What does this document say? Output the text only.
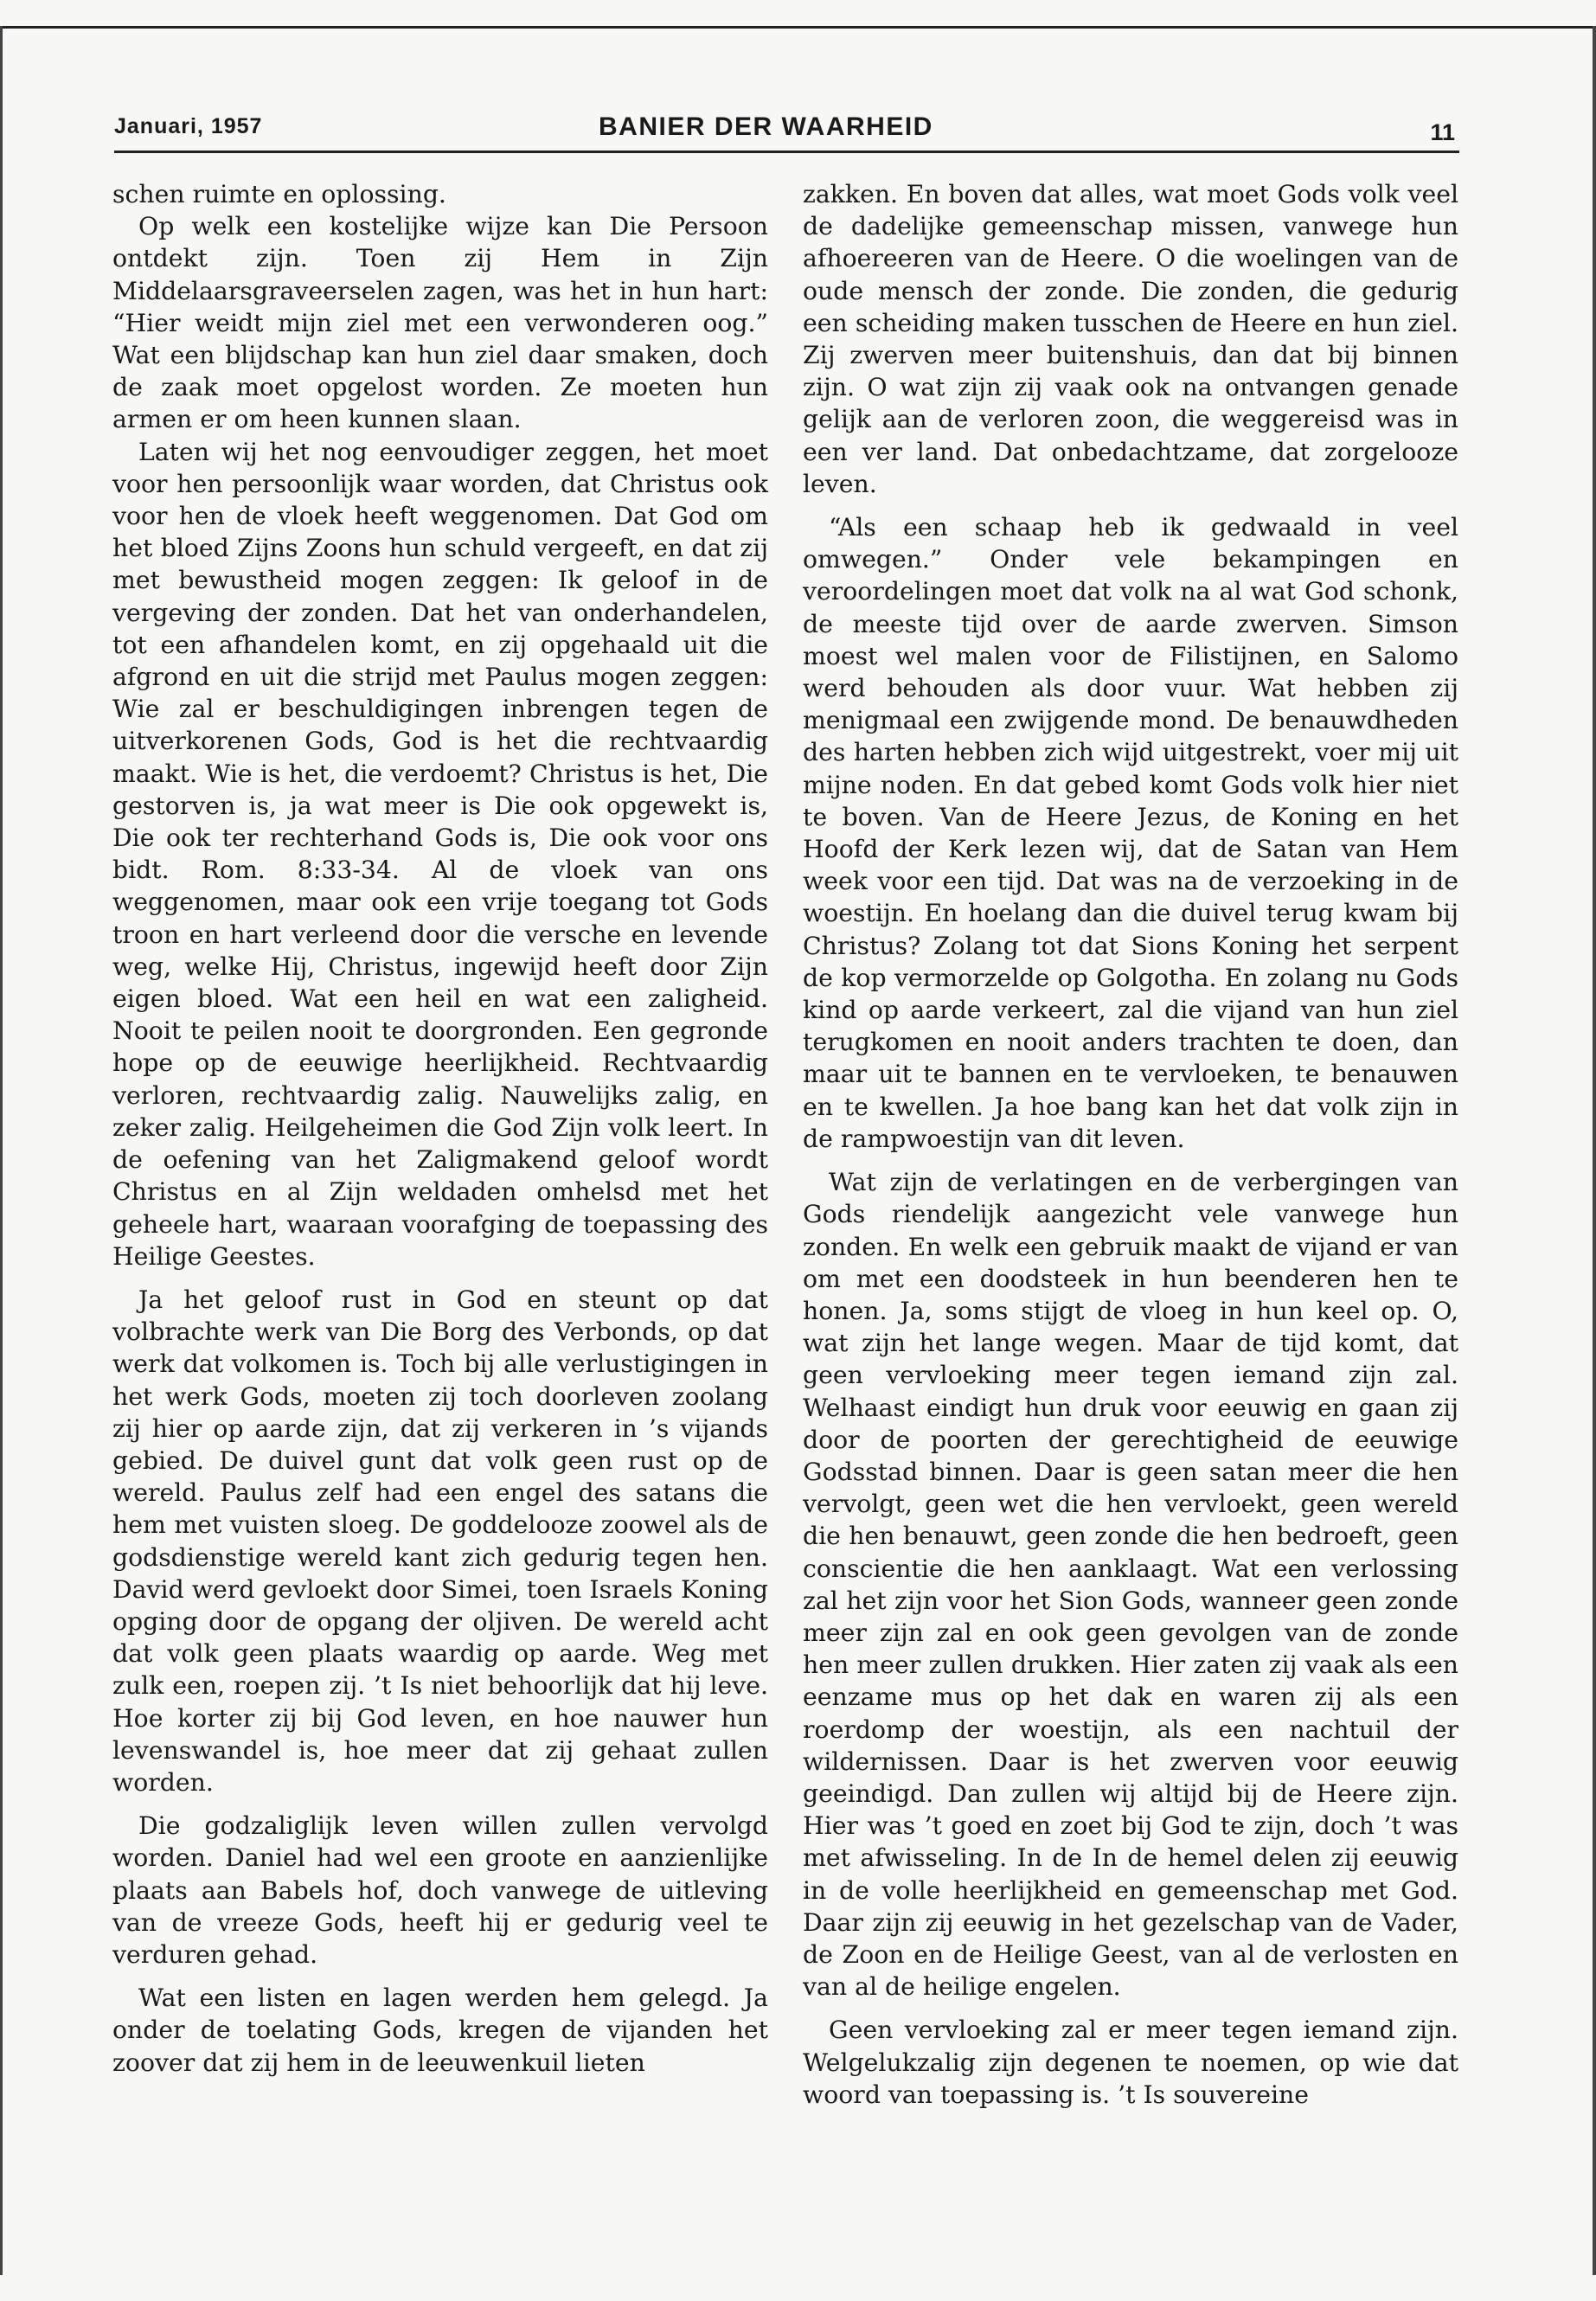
Januari, 1957	BANIER DER WAARHEID	11

schen ruimte en oplossing.

Op welk een kostelijke wijze kan Die Persoon ontdekt zijn. Toen zij Hem in Zijn Middelaarsgraveerselen zagen, was het in hun hart: “Hier weidt mijn ziel met een verwonderen oog.” Wat een blijdschap kan hun ziel daar smaken, doch de zaak moet opgelost worden. Ze moeten hun armen er om heen kunnen slaan.

Laten wij het nog eenvoudiger zeggen, het moet voor hen persoonlijk waar worden, dat Christus ook voor hen de vloek heeft weggenomen. Dat God om het bloed Zijns Zoons hun schuld vergeeft, en dat zij met bewustheid mogen zeggen: Ik geloof in de vergeving der zonden. Dat het van onderhandelen, tot een afhandelen komt, en zij opgehaald uit die afgrond en uit die strijd met Paulus mogen zeggen: Wie zal er beschuldigingen inbrengen tegen de uitverkorenen Gods, God is het die rechtvaardig maakt. Wie is het, die verdoemt? Christus is het, Die gestorven is, ja wat meer is Die ook opgewekt is, Die ook ter rechterhand Gods is, Die ook voor ons bidt. Rom. 8:33-34. Al de vloek van ons weggenomen, maar ook een vrije toegang tot Gods troon en hart verleend door die versche en levende weg, welke Hij, Christus, ingewijd heeft door Zijn eigen bloed. Wat een heil en wat een zaligheid. Nooit te peilen nooit te doorgronden. Een gegronde hope op de eeuwige heerlijkheid. Rechtvaardig verloren, rechtvaardig zalig. Nauwelijks zalig, en zeker zalig. Heilgeheimen die God Zijn volk leert. In de oefening van het Zaligmakend geloof wordt Christus en al Zijn weldaden omhelsd met het geheele hart, waaraan voorafging de toepassing des Heilige Geestes.

Ja het geloof rust in God en steunt op dat volbrachte werk van Die Borg des Verbonds, op dat werk dat volkomen is. Toch bij alle verlustigingen in het werk Gods, moeten zij toch doorleven zoolang zij hier op aarde zijn, dat zij verkeren in ’s vijands gebied. De duivel gunt dat volk geen rust op de wereld. Paulus zelf had een engel des satans die hem met vuisten sloeg. De goddelooze zoowel als de godsdienstige wereld kant zich gedurig tegen hen. David werd gevloekt door Simei, toen Israels Koning opging door de opgang der oljiven. De wereld acht dat volk geen plaats waardig op aarde. Weg met zulk een, roepen zij. ’t Is niet behoorlijk dat hij leve. Hoe korter zij bij God leven, en hoe nauwer hun levenswandel is, hoe meer dat zij gehaat zullen worden.

Die godzaliglijk leven willen zullen vervolgd worden. Daniel had wel een groote en aanzienlijke plaats aan Babels hof, doch vanwege de uitleving van de vreeze Gods, heeft hij er gedurig veel te verduren gehad.

Wat een listen en lagen werden hem gelegd. Ja onder de toelating Gods, kregen de vijanden het zoover dat zij hem in de leeuwenkuil lieten

zakken. En boven dat alles, wat moet Gods volk veel de dadelijke gemeenschap missen, vanwege hun afhoereeren van de Heere. O die woelingen van de oude mensch der zonde. Die zonden, die gedurig een scheiding maken tusschen de Heere en hun ziel. Zij zwerven meer buitenshuis, dan dat bij binnen zijn. O wat zijn zij vaak ook na ontvangen genade gelijk aan de verloren zoon, die weggereisd was in een ver land. Dat onbedachtzame, dat zorgelooze leven.

“Als een schaap heb ik gedwaald in veel omwegen.” Onder vele bekampingen en veroordelingen moet dat volk na al wat God schonk, de meeste tijd over de aarde zwerven. Simson moest wel malen voor de Filistijnen, en Salomo werd behouden als door vuur. Wat hebben zij menigmaal een zwijgende mond. De benauwdheden des harten hebben zich wijd uitgestrekt, voer mij uit mijne noden. En dat gebed komt Gods volk hier niet te boven. Van de Heere Jezus, de Koning en het Hoofd der Kerk lezen wij, dat de Satan van Hem week voor een tijd. Dat was na de verzoeking in de woestijn. En hoelang dan die duivel terug kwam bij Christus? Zolang tot dat Sions Koning het serpent de kop vermorzelde op Golgotha. En zolang nu Gods kind op aarde verkeert, zal die vijand van hun ziel terugkomen en nooit anders trachten te doen, dan maar uit te bannen en te vervloeken, te benauwen en te kwellen. Ja hoe bang kan het dat volk zijn in de rampwoestijn van dit leven.

Wat zijn de verlatingen en de verbergingen van Gods riendelijk aangezicht vele vanwege hun zonden. En welk een gebruik maakt de vijand er van om met een doodsteek in hun beenderen hen te honen. Ja, soms stijgt de vloeg in hun keel op. O, wat zijn het lange wegen. Maar de tijd komt, dat geen vervloeking meer tegen iemand zijn zal. Welhaast eindigt hun druk voor eeuwig en gaan zij door de poorten der gerechtigheid de eeuwige Godsstad binnen. Daar is geen satan meer die hen vervolgt, geen wet die hen vervloekt, geen wereld die hen benauwt, geen zonde die hen bedroeft, geen conscientie die hen aanklaagt. Wat een verlossing zal het zijn voor het Sion Gods, wanneer geen zonde meer zijn zal en ook geen gevolgen van de zonde hen meer zullen drukken. Hier zaten zij vaak als een eenzame mus op het dak en waren zij als een roerdomp der woestijn, als een nachtuil der wildernissen. Daar is het zwerven voor eeuwig geeindigd. Dan zullen wij altijd bij de Heere zijn. Hier was ’t goed en zoet bij God te zijn, doch ’t was met afwisseling. In de In de hemel delen zij eeuwig in de volle heerlijkheid en gemeenschap met God. Daar zijn zij eeuwig in het gezelschap van de Vader, de Zoon en de Heilige Geest, van al de verlosten en van al de heilige engelen.

Geen vervloeking zal er meer tegen iemand zijn. Welgelukzalig zijn degenen te noemen, op wie dat woord van toepassing is. ’t Is souvereine
